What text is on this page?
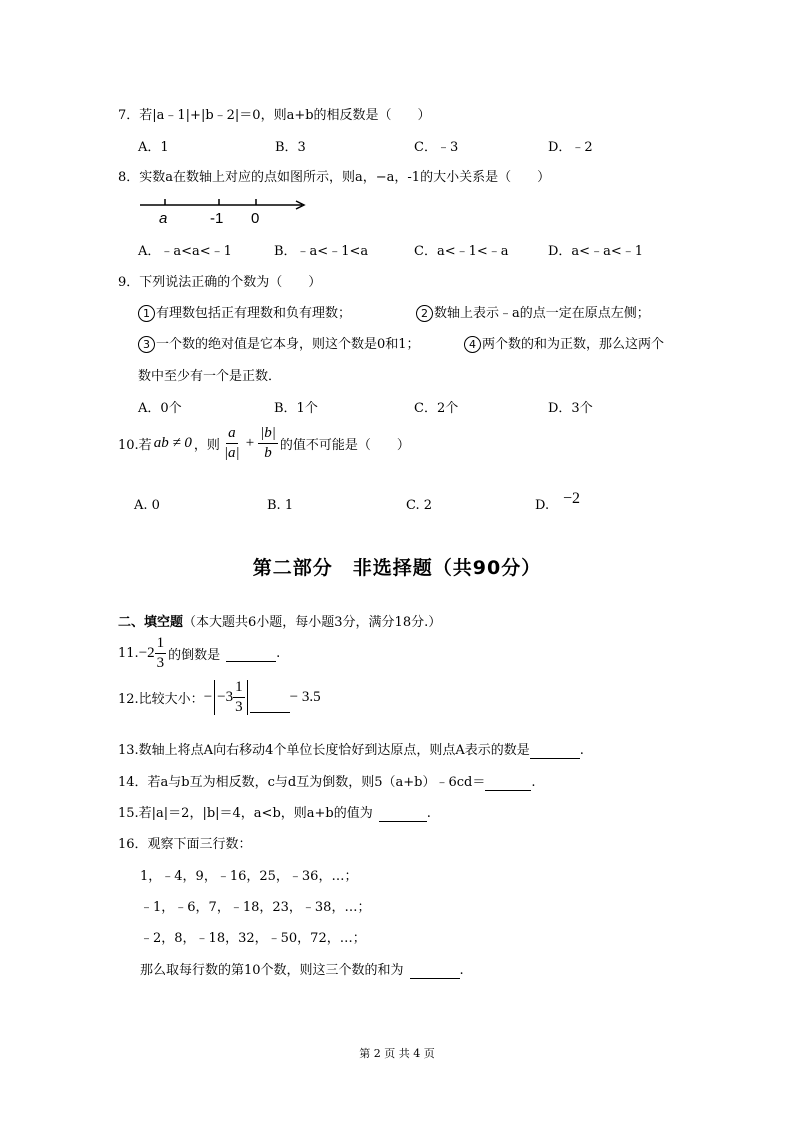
7．若|a﹣1|+|b﹣2|＝0，则a+b的相反数是（　　）
A．1	B．3	C．﹣3	D．﹣2
8．实数a在数轴上对应的点如图所示，则a，−a，-1的大小关系是（　　）
a	-1 0
A．﹣a<a<﹣1	B．﹣a<﹣1<a	C．a<﹣1<﹣a	D．a<﹣a<﹣1
9．下列说法正确的个数为（　　）
1 有理数包括正有理数和负有理数；	2 数轴上表示﹣a的点一定在原点左侧；
3 一个数的绝对值是它本身，则这个数是0和1；	4 两个数的和为正数，那么这两个
数中至少有一个是正数．
A．0个	B．1个	C．2个	D．3个
10.若 ab ≠ 0 ，则 $\frac{a}{|a|} + \frac{|b|}{b}$ 的值不可能是（　　）
A. 0	B. 1	C. 2	D. −2
第二部分　非选择题（共90分）
二、填空题（本大题共6小题，每小题3分，满分18分.）
11. $-2 \frac{1}{3}$ 的倒数是
	.
12.比较大小： − $-3 \frac{1}{3}$
	− 3.5
13.数轴上将点A向右移动4个单位长度恰好到达原点，则点A表示的数是	.
14．若a与b互为相反数，c与d互为倒数，则5（a+b）﹣6cd＝	.
15.若|a|＝2，|b|＝4，a<b，则a+b的值为	.
16．观察下面三行数：
1，﹣4，9，﹣16，25，﹣36，…；
﹣1，﹣6，7，﹣18，23，﹣38，…；
﹣2，8，﹣18，32，﹣50，72，…；
那么取每行数的第10个数，则这三个数的和为	.
第 2 页 共 4 页
